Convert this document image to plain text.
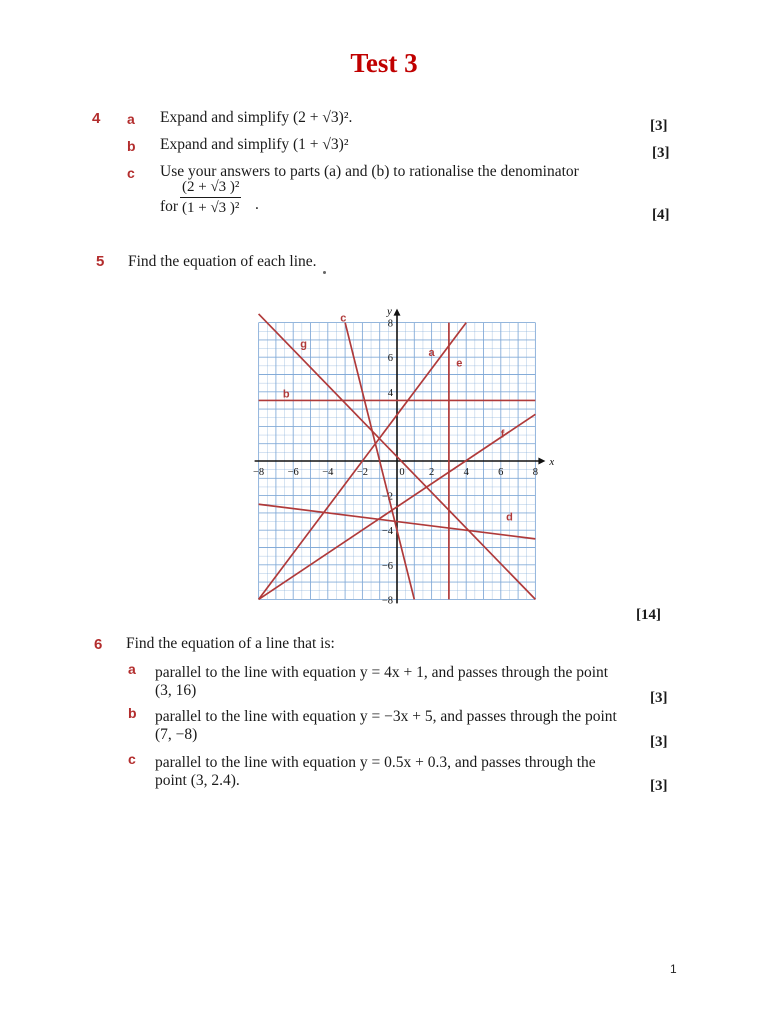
Test 3
4 a Expand and simplify (2 + √3)².	[3]
b Expand and simplify (1 + √3)²	[3]
c Use your answers to parts (a) and (b) to rationalise the denominator
for $\frac{\text{(2 + √3 )²}}{\text{(1 + √3 )²}}$ .
[4]
5 Find the equation of each line.
−8 −6 −4 −2	0 2	4	6	8
8
6
4
−2
−4
−6
−8
x
y
a
b
c
d
e
f
g
[14]
6 Find the equation of a line that is:
a parallel to the line with equation y = 4x + 1, and passes through the point
(3, 16)	[3]
b parallel to the line with equation y = −3x + 5, and passes through the point
(7, −8)	[3]
c parallel to the line with equation y = 0.5x + 0.3, and passes through the
point (3, 2.4).	[3]
1
